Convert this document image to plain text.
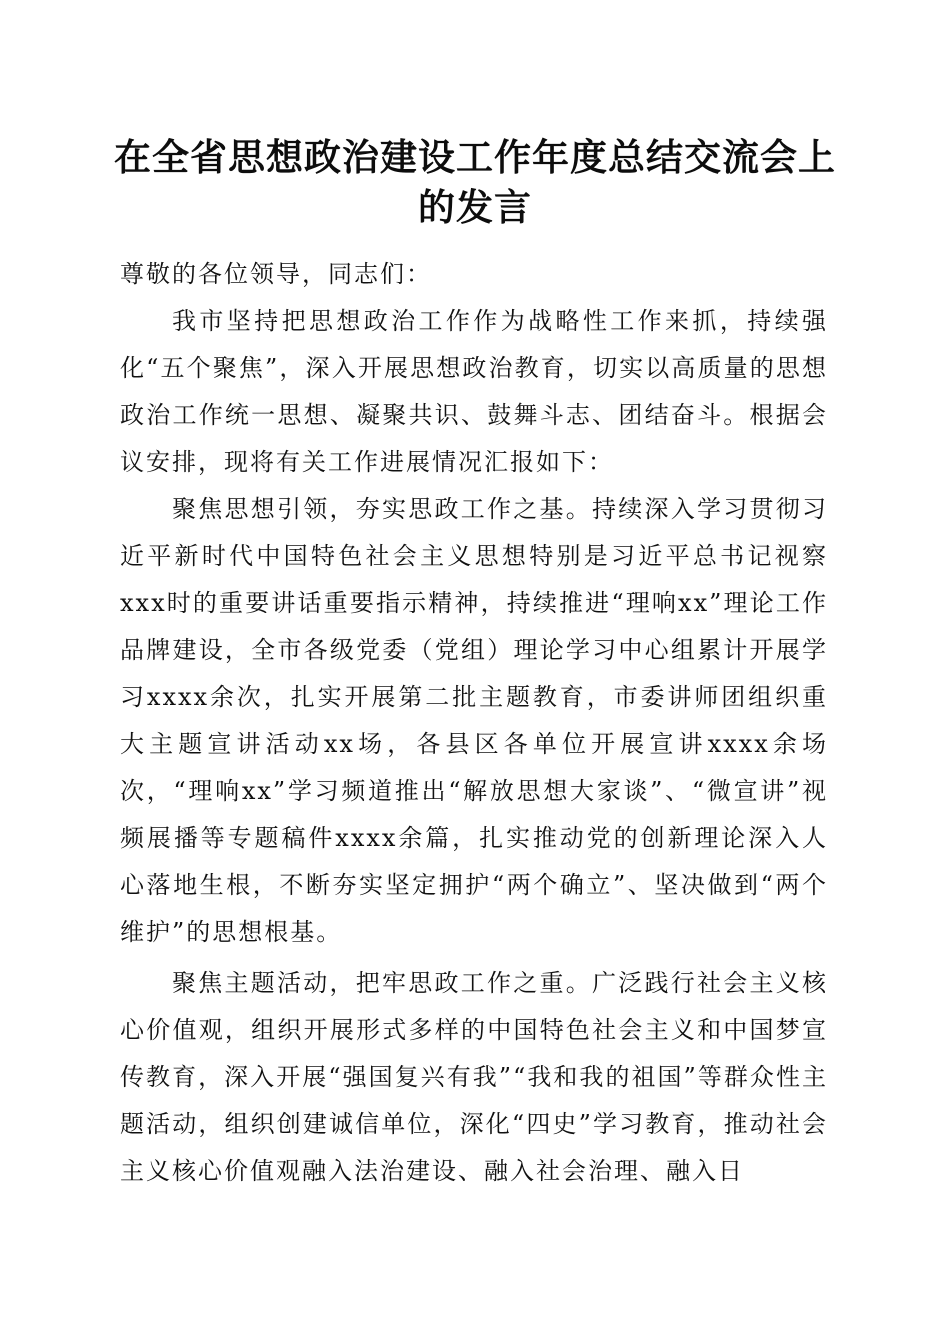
在全省思想政治建设工作年度总结交流会上的发言

尊敬的各位领导，同志们：

我市坚持把思想政治工作作为战略性工作来抓，持续强化“五个聚焦”，深入开展思想政治教育，切实以高质量的思想政治工作统一思想、凝聚共识、鼓舞斗志、团结奋斗。根据会议安排，现将有关工作进展情况汇报如下：

聚焦思想引领，夯实思政工作之基。持续深入学习贯彻习近平新时代中国特色社会主义思想特别是习近平总书记视察xxx时的重要讲话重要指示精神，持续推进“理响xx”理论工作品牌建设，全市各级党委（党组）理论学习中心组累计开展学习xxxx余次，扎实开展第二批主题教育，市委讲师团组织重大主题宣讲活动xx场，各县区各单位开展宣讲xxxx余场次，“理响xx”学习频道推出“解放思想大家谈”、“微宣讲”视频展播等专题稿件xxxx余篇，扎实推动党的创新理论深入人心落地生根，不断夯实坚定拥护“两个确立”、坚决做到“两个维护”的思想根基。

聚焦主题活动，把牢思政工作之重。广泛践行社会主义核心价值观，组织开展形式多样的中国特色社会主义和中国梦宣传教育，深入开展“强国复兴有我”“我和我的祖国”等群众性主题活动，组织创建诚信单位，深化“四史”学习教育，推动社会主义核心价值观融入法治建设、融入社会治理、融入日
